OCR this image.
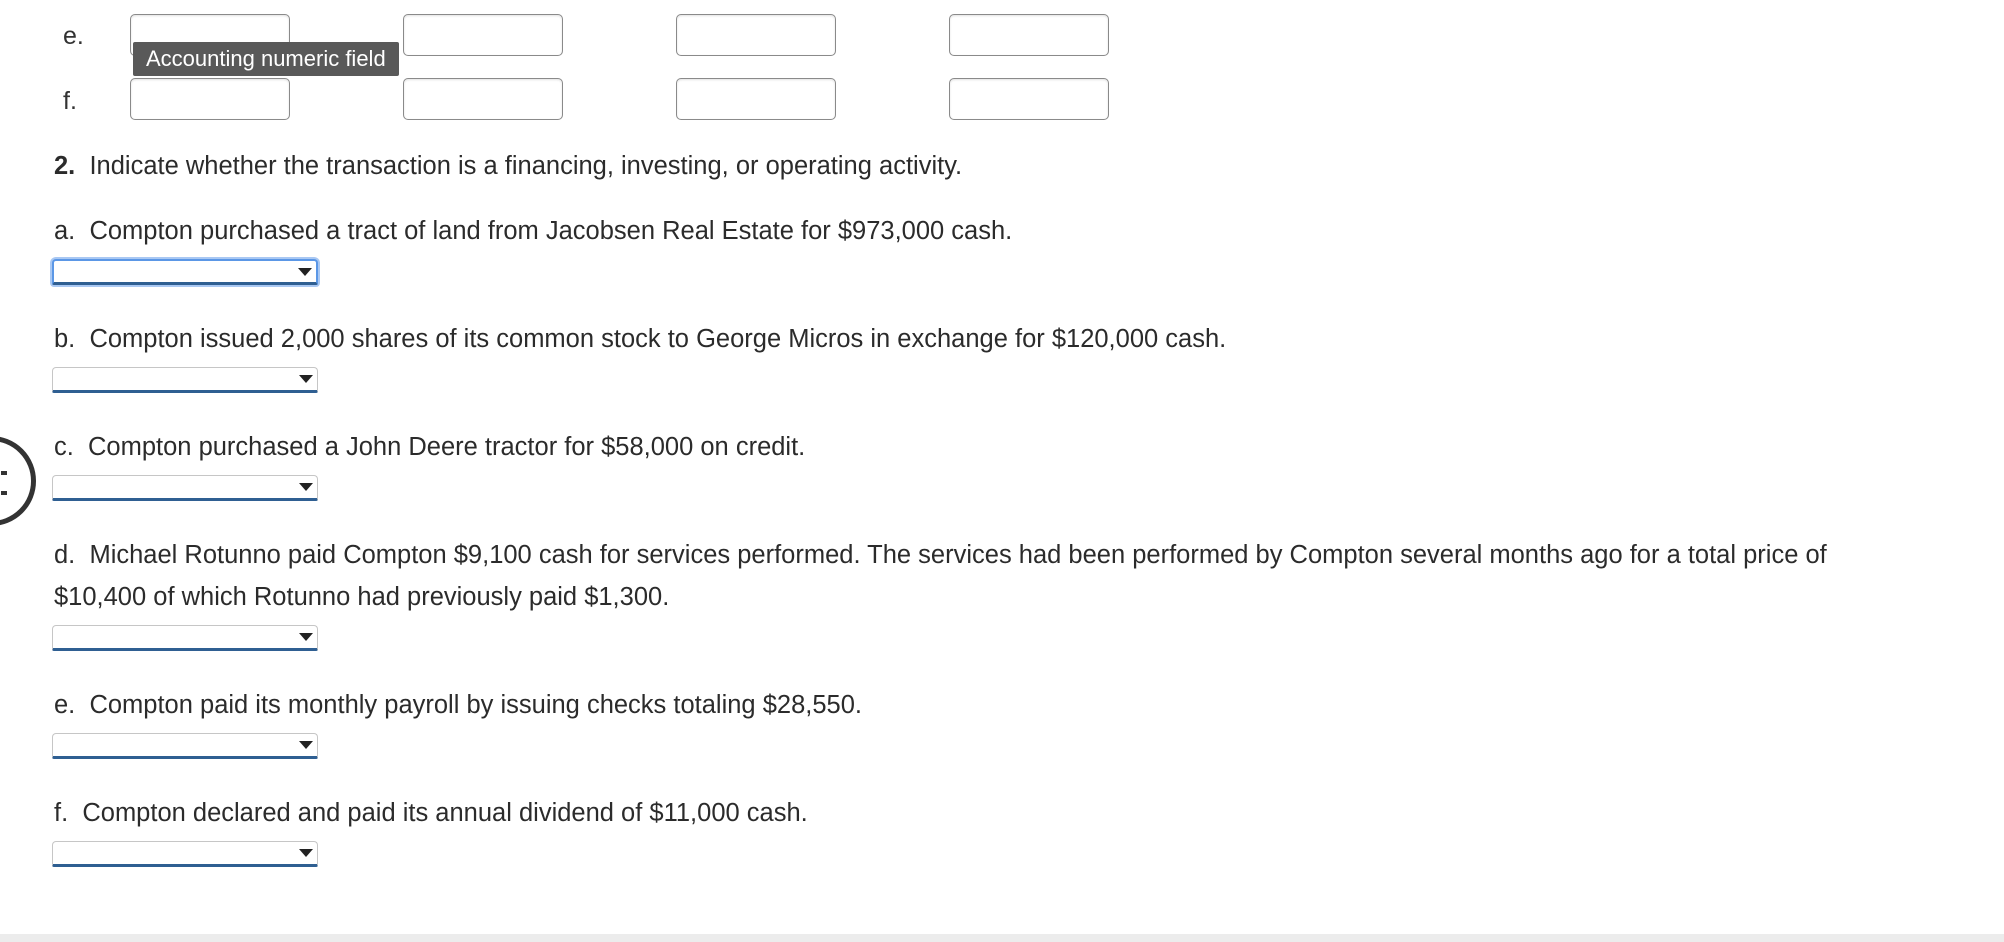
e.
f.
Accounting numeric field
2. Indicate whether the transaction is a financing, investing, or operating activity.
a. Compton purchased a tract of land from Jacobsen Real Estate for $973,000 cash.
b. Compton issued 2,000 shares of its common stock to George Micros in exchange for $120,000 cash.
c. Compton purchased a John Deere tractor for $58,000 on credit.
d. Michael Rotunno paid Compton $9,100 cash for services performed. The services had been performed by Compton several months ago for a total price of
$10,400 of which Rotunno had previously paid $1,300.
e. Compton paid its monthly payroll by issuing checks totaling $28,550.
f. Compton declared and paid its annual dividend of $11,000 cash.
